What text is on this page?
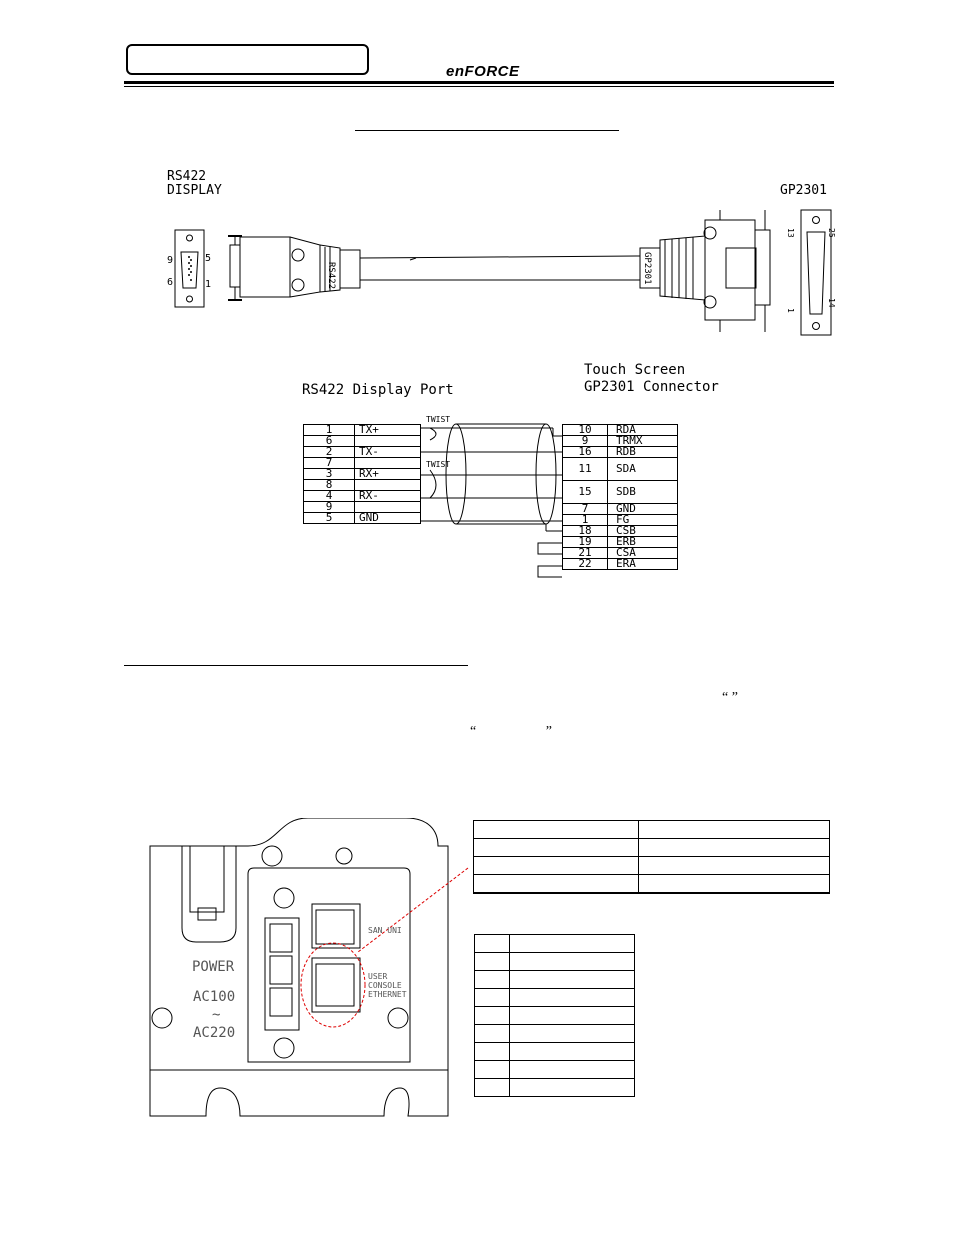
enFORCE
RS422
DISPLAY	GP2301
9
6
5
1	RS422	GP2301
13	25
14
1
RS422 Display Port
Touch Screen
GP2301 Connector
1	TX+
6	
2	TX-
7	
3	RX+
8	
4	RX-
9	
5	GND
TWIST
TWIST
10	RDA
9	TRMX
16	RDB
11	SDA
15	SDB
7	GND
1	FG
18	CSB
19	ERB
21	CSA
22	ERA
“ ”
“ ”
POWER
AC100
~
AC220
SAN UNI
USER
CONSOLE
ETHERNET
